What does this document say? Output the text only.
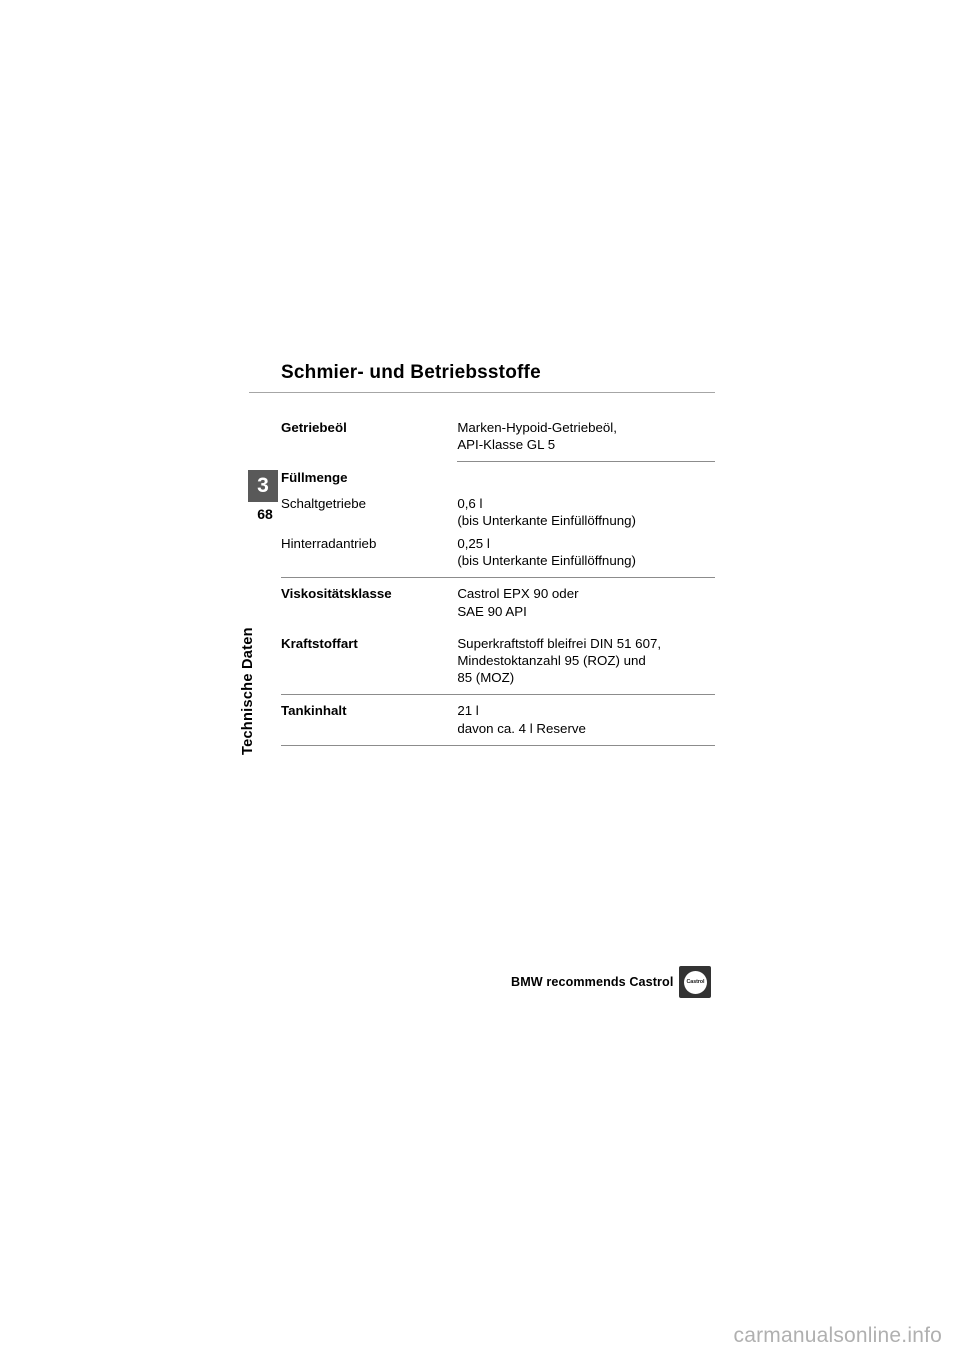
3
68
Technische Daten
Schmier- und Betriebsstoffe
Getriebeöl	Marken-Hypoid-Getriebeöl,
API-Klasse GL 5

Füllmenge	
Schaltgetriebe	0,6 l
(bis Unterkante Einfüllöffnung)

Hinterradantrieb	0,25 l
(bis Unterkante Einfüllöffnung)

Viskositätsklasse	Castrol EPX 90 oder
SAE 90 API

Kraftstoffart	Superkraftstoff bleifrei DIN 51 607,
Mindestoktanzahl 95 (ROZ) und
85 (MOZ)

Tankinhalt	21 l
davon ca. 4 l Reserve

BMW recommends Castrol Castrol
carmanualsonline.info
